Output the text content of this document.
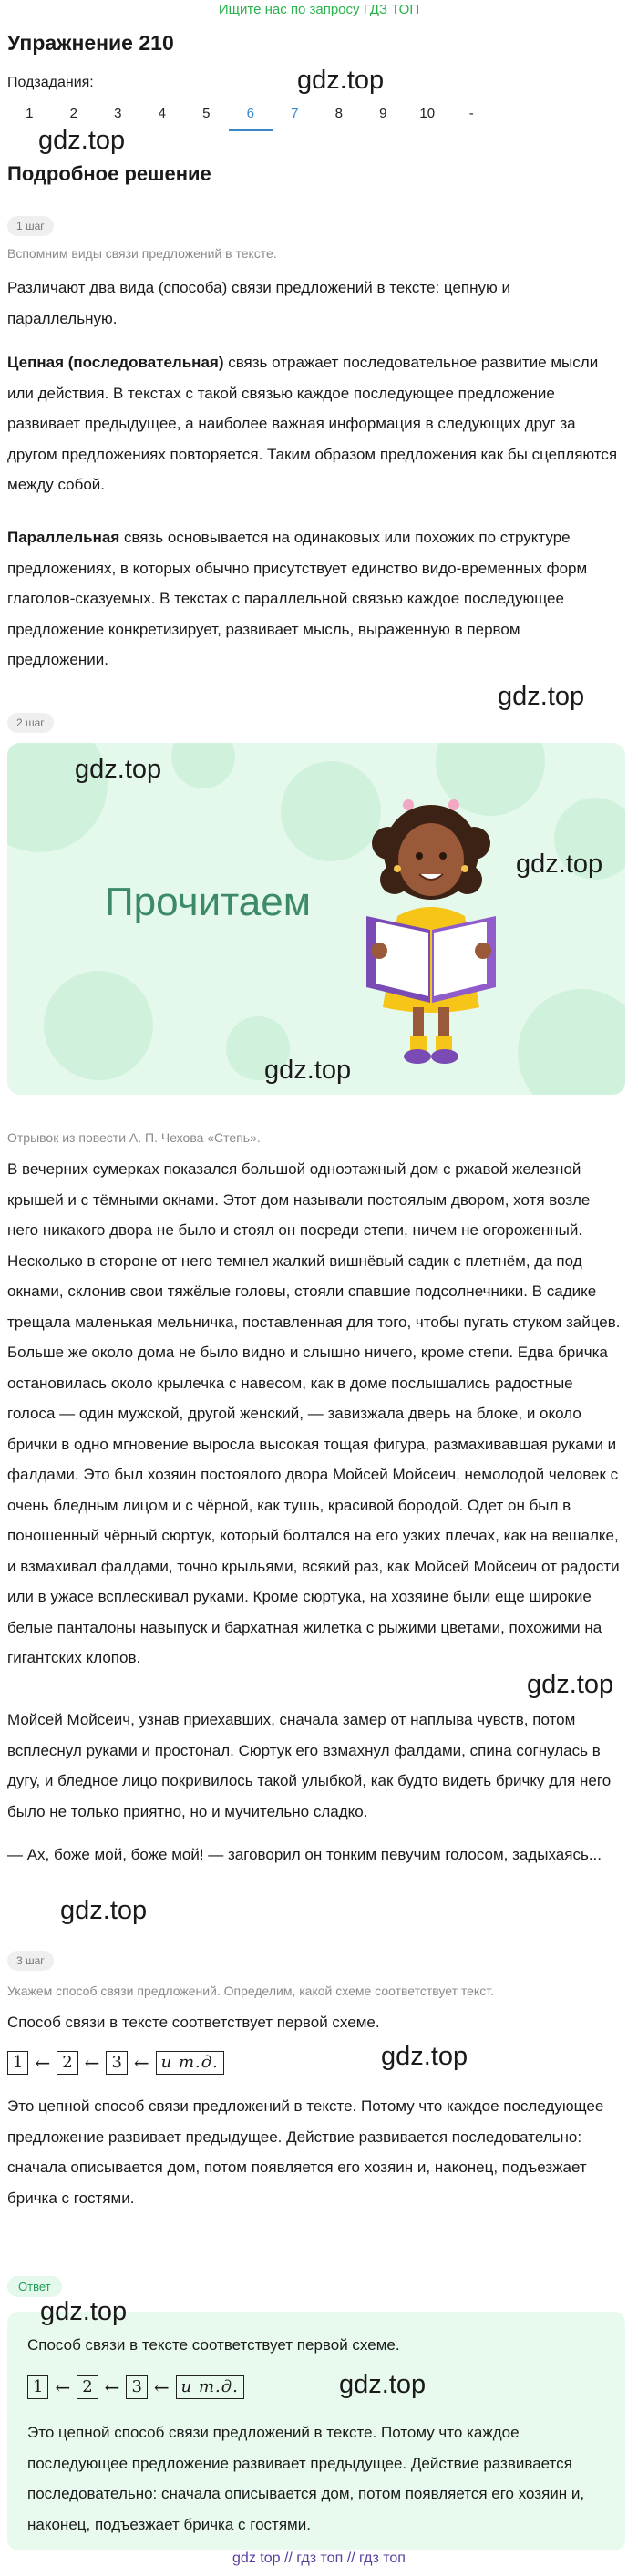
Ищите нас по запросу ГДЗ ТОП
Упражнение 210
Подзадания:
1	2	3	4	5	6	7	8	9	10	-
gdz.top
gdz.top
Подробное решение
1 шаг
Вспомним виды связи предложений в тексте.

Различают два вида (способа) связи предложений в тексте: цепную и параллельную.

Цепная (последовательная) связь отражает последовательное развитие мысли или действия. В текстах с такой связью каждое последующее предложение развивает предыдущее, а наиболее важная информация в следующих друг за другом предложениях повторяется. Таким образом предложения как бы сцепляются между собой.

Параллельная связь основывается на одинаковых или похожих по структуре предложениях, в которых обычно присутствует единство видо-временных форм глаголов-сказуемых. В текстах с параллельной связью каждое последующее предложение конкретизирует, развивает мысль, выраженную в первом предложении.

gdz.top
2 шаг
Прочитаем
gdz.top
gdz.top
gdz.top
Отрывок из повести А. П. Чехова «Степь».

В вечерних сумерках показался большой одноэтажный дом с ржавой железной крышей и с тёмными окнами. Этот дом называли постоялым двором, хотя возле него никакого двора не было и стоял он посреди степи, ничем не огороженный. Несколько в стороне от него темнел жалкий вишнёвый садик с плетнём, да под окнами, склонив свои тяжёлые головы, стояли спавшие подсолнечники. В садике трещала маленькая мельничка, поставленная для того, чтобы пугать стуком зайцев. Больше же около дома не было видно и слышно ничего, кроме степи. Едва бричка остановилась около крылечка с навесом, как в доме послышались радостные голоса — один мужской, другой женский, — завизжала дверь на блоке, и около брички в одно мгновение выросла высокая тощая фигура, размахивавшая руками и фалдами. Это был хозяин постоялого двора Мойсей Мойсеич, немолодой человек с очень бледным лицом и с чёрной, как тушь, красивой бородой. Одет он был в поношенный чёрный сюртук, который болтался на его узких плечах, как на вешалке, и взмахивал фалдами, точно крыльями, всякий раз, как Мойсей Мойсеич от радости или в ужасе всплескивал руками. Кроме сюртука, на хозяине были еще широкие белые панталоны навыпуск и бархатная жилетка с рыжими цветами, похожими на гигантских клопов.

Мойсей Мойсеич, узнав приехавших, сначала замер от наплыва чувств, потом всплеснул руками и простонал. Сюртук его взмахнул фалдами, спина согнулась в дугу, и бледное лицо покривилось такой улыбкой, как будто видеть бричку для него было не только приятно, но и мучительно сладко.

— Ах, боже мой, боже мой! — заговорил он тонким певучим голосом, задыхаясь...

gdz.top
gdz.top
3 шаг
Укажем способ связи предложений. Определим, какой схеме соответствует текст.

Способ связи в тексте соответствует первой схеме.

1 ← 2 ← 3 ← и т.д.	gdz.top

Это цепной способ связи предложений в тексте. Потому что каждое последующее предложение развивает предыдущее. Действие развивается последовательно: сначала описывается дом, потом появляется его хозяин и, наконец, подъезжает бричка с гостями.

Ответ

Способ связи в тексте соответствует первой схеме.

1 ← 2 ← 3 ← и т.д.

Это цепной способ связи предложений в тексте. Потому что каждое последующее предложение развивает предыдущее. Действие развивается последовательно: сначала описывается дом, потом появляется его хозяин и, наконец, подъезжает бричка с гостями.

gdz.top
gdz.top
gdz top // гдз топ // гдз топ
